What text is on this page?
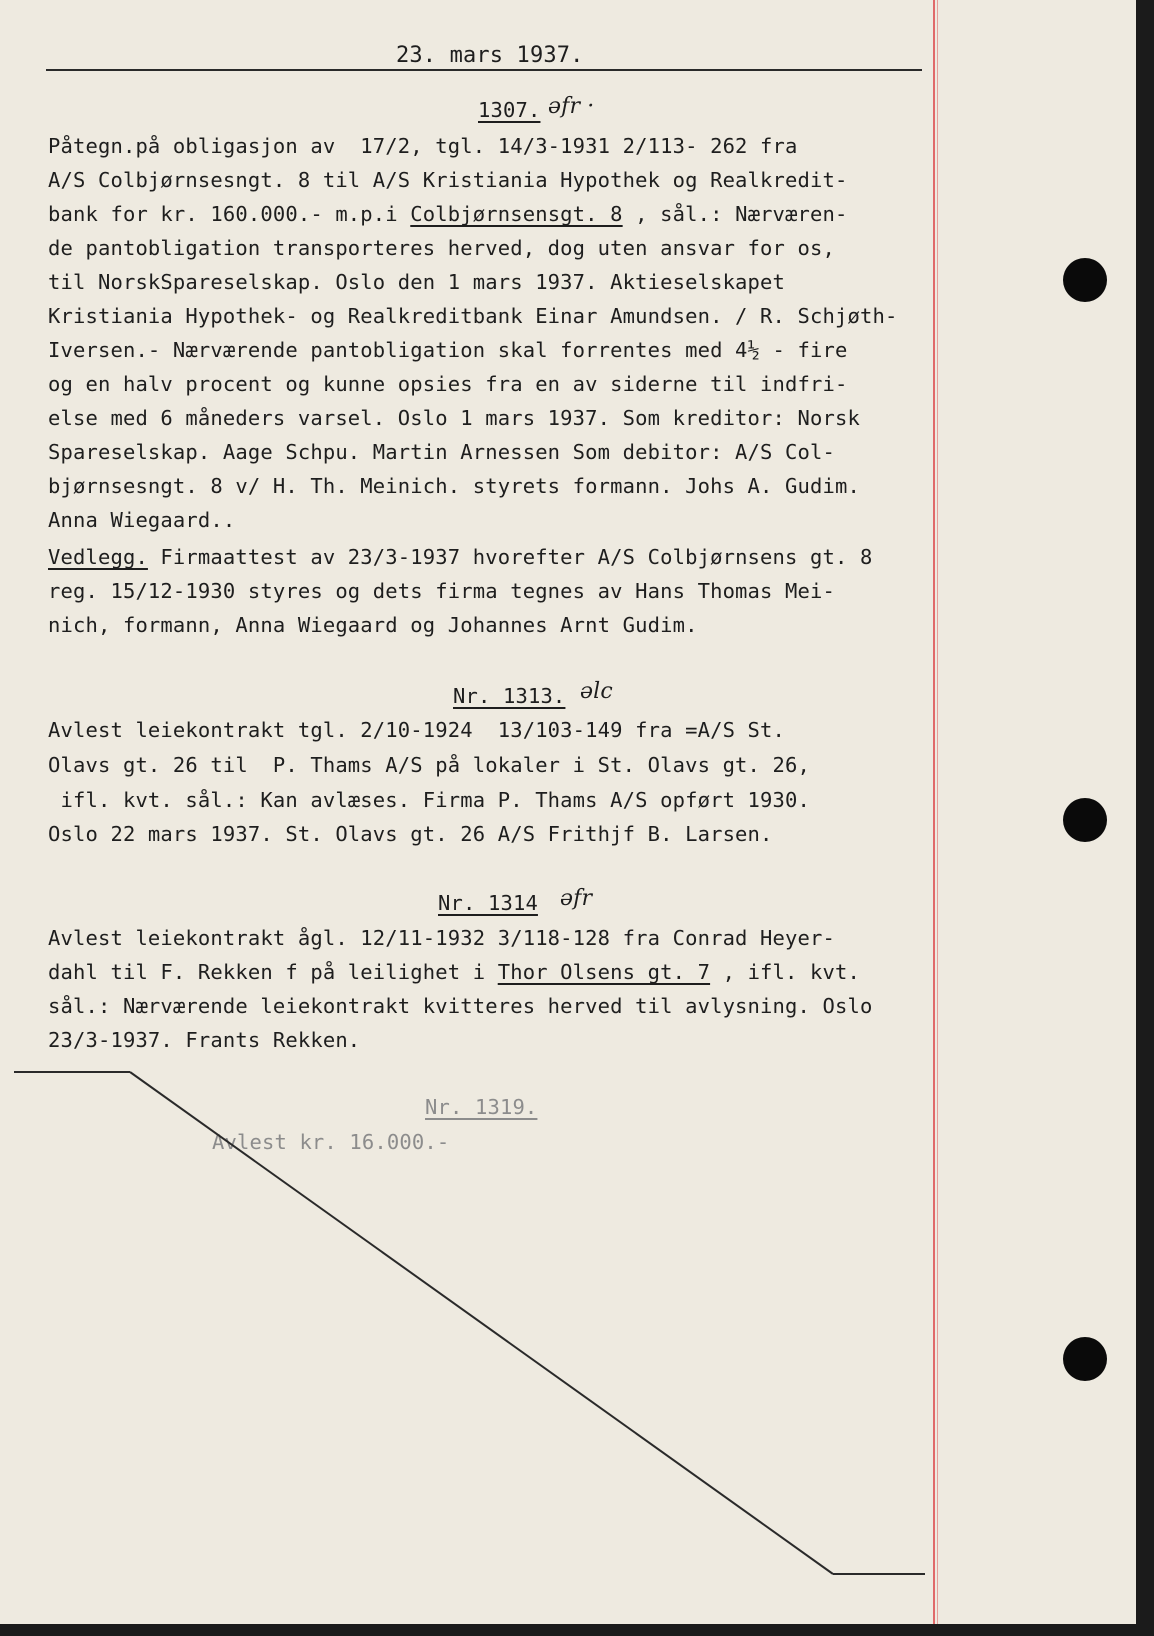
23. mars 1937.
1307. ǝfr ·
Påtegn.på obligasjon av  17/2, tgl. 14/3-1931 2/113- 262 fra
A/S Colbjørnsesngt. 8 til A/S Kristiania Hypothek og Realkredit-
bank for kr. 160.000.- m.p.i Colbjørnsensgt. 8 , sål.: Nærværen-
de pantobligation transporteres herved, dog uten ansvar for os,
til NorskSpareselskap. Oslo den 1 mars 1937. Aktieselskapet
Kristiania Hypothek- og Realkreditbank Einar Amundsen. / R. Schjøth-
Iversen.- Nærværende pantobligation skal forrentes med 4½ - fire
og en halv procent og kunne opsies fra en av siderne til indfri-
else med 6 måneders varsel. Oslo 1 mars 1937. Som kreditor: Norsk
Spareselskap. Aage Schpu. Martin Arnessen Som debitor: A/S Col-
bjørnsesngt. 8 v/ H. Th. Meinich. styrets formann. Johs A. Gudim.
Anna Wiegaard..
Vedlegg. Firmaattest av 23/3-1937 hvorefter A/S Colbjørnsens gt. 8
reg. 15/12-1930 styres og dets firma tegnes av Hans Thomas Mei-
nich, formann, Anna Wiegaard og Johannes Arnt Gudim.
Nr. 1313. ǝlc
Avlest leiekontrakt tgl. 2/10-1924  13/103-149 fra =A/S St.
Olavs gt. 26 til  P. Thams A/S på lokaler i St. Olavs gt. 26,
ifl. kvt. sål.: Kan avlæses. Firma P. Thams A/S opført 1930.
Oslo 22 mars 1937. St. Olavs gt. 26 A/S Frithjf B. Larsen.
Nr. 1314 ǝfr
Avlest leiekontrakt ågl. 12/11-1932 3/118-128 fra Conrad Heyer-
dahl til F. Rekken f på leilighet i Thor Olsens gt. 7 , ifl. kvt.
sål.: Nærværende leiekontrakt kvitteres herved til avlysning. Oslo
23/3-1937. Frants Rekken.
Nr. 1319.
Avlest kr. 16.000.-
